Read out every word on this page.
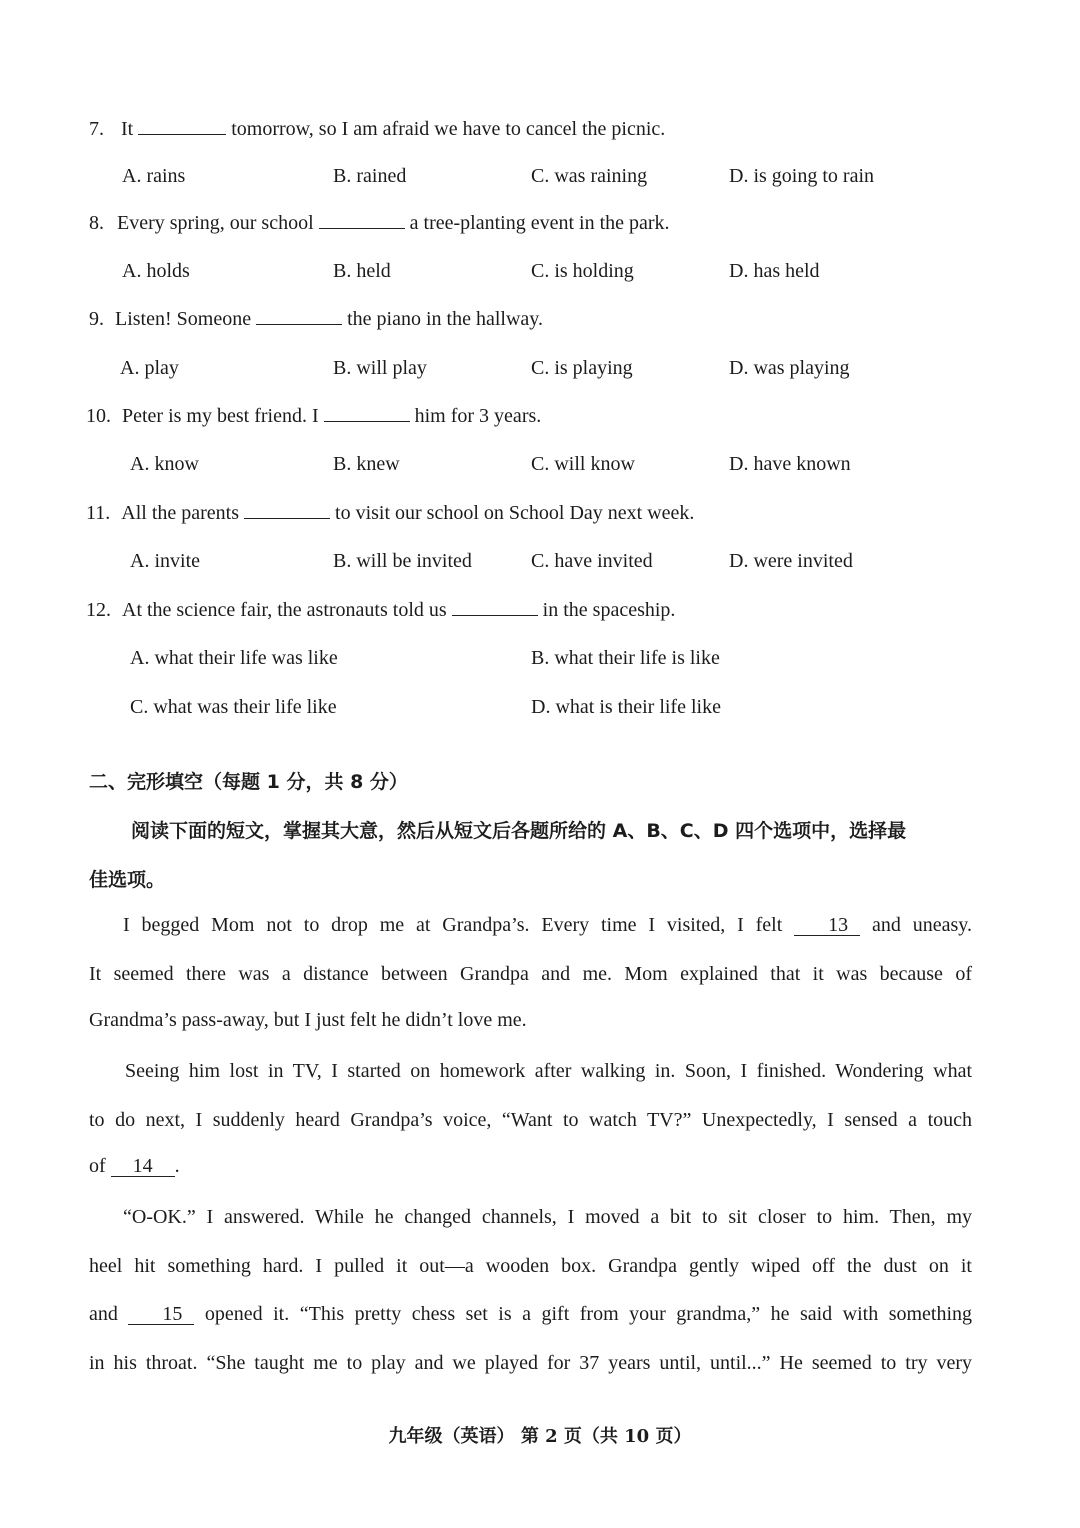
7. It	tomorrow, so I am afraid we have to cancel the picnic.
A. rains	B. rained	C. was raining	D. is going to rain
8. Every spring, our school	a tree-planting event in the park.
A. holds	B. held	C. is holding	D. has held
9. Listen! Someone	the piano in the hallway.
A. play	B. will play	C. is playing	D. was playing
10. Peter is my best friend. I	him for 3 years.
A. know	B. knew	C. will know	D. have known
11. All the parents	to visit our school on School Day next week.
A. invite	B. will be invited	C. have invited	D. were invited
12. At the science fair, the astronauts told us	in the spaceship.
A. what their life was like	B. what their life is like
C. what was their life like	D. what is their life like
二、完形填空（每题 1 分，共 8 分）
阅读下面的短文，掌握其大意，然后从短文后各题所给的 A、B、C、D 四个选项中，选择最
佳选项。
I begged Mom not to drop me at Grandpa’s. Every time I visited, I felt 13 and uneasy.
It seemed there was a distance between Grandpa and me. Mom explained that it was because of

Grandma’s pass-away, but I just felt he didn’t love me.
Seeing him lost in TV, I started on homework after walking in. Soon, I finished. Wondering what
to do next, I suddenly heard Grandpa’s voice, “Want to watch TV?” Unexpectedly, I sensed a touch

of 14 .
“O-OK.” I answered. While he changed channels, I moved a bit to sit closer to him. Then, my
heel hit something hard. I pulled it out—a wooden box. Grandpa gently wiped off the dust on it
and 15 opened it. “This pretty chess set is a gift from your grandma,” he said with something
in his throat. “She taught me to play and we played for 37 years until, until...” He seemed to try very

九年级（英语） 第 2 页（共 10 页）
